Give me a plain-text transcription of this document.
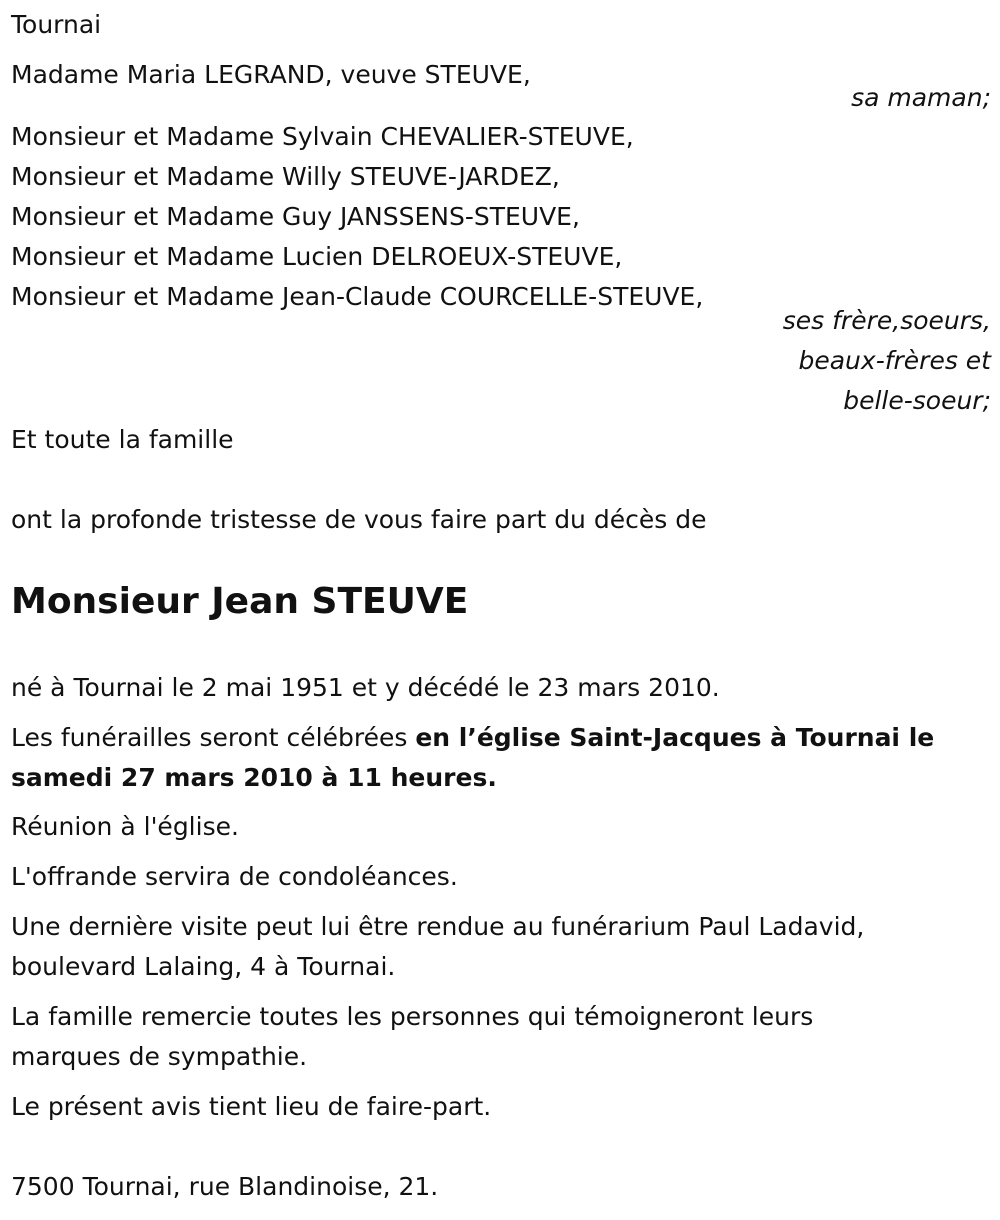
Tournai
Madame Maria LEGRAND, veuve STEUVE,
sa maman;
Monsieur et Madame Sylvain CHEVALIER-STEUVE,
Monsieur et Madame Willy STEUVE-JARDEZ,
Monsieur et Madame Guy JANSSENS-STEUVE,
Monsieur et Madame Lucien DELROEUX-STEUVE,
Monsieur et Madame Jean-Claude COURCELLE-STEUVE,
ses frère,soeurs,
beaux-frères et
belle-soeur;
Et toute la famille
ont la profonde tristesse de vous faire part du décès de
Monsieur Jean STEUVE
né à Tournai le 2 mai 1951 et y décédé le 23 mars 2010.
Les funérailles seront célébrées en l’église Saint-Jacques à Tournai le
samedi 27 mars 2010 à 11 heures.
Réunion à l'église.
L'offrande servira de condoléances.
Une dernière visite peut lui être rendue au funérarium Paul Ladavid,
boulevard Lalaing, 4 à Tournai.
La famille remercie toutes les personnes qui témoigneront leurs
marques de sympathie.
Le présent avis tient lieu de faire-part.
7500 Tournai, rue Blandinoise, 21.
